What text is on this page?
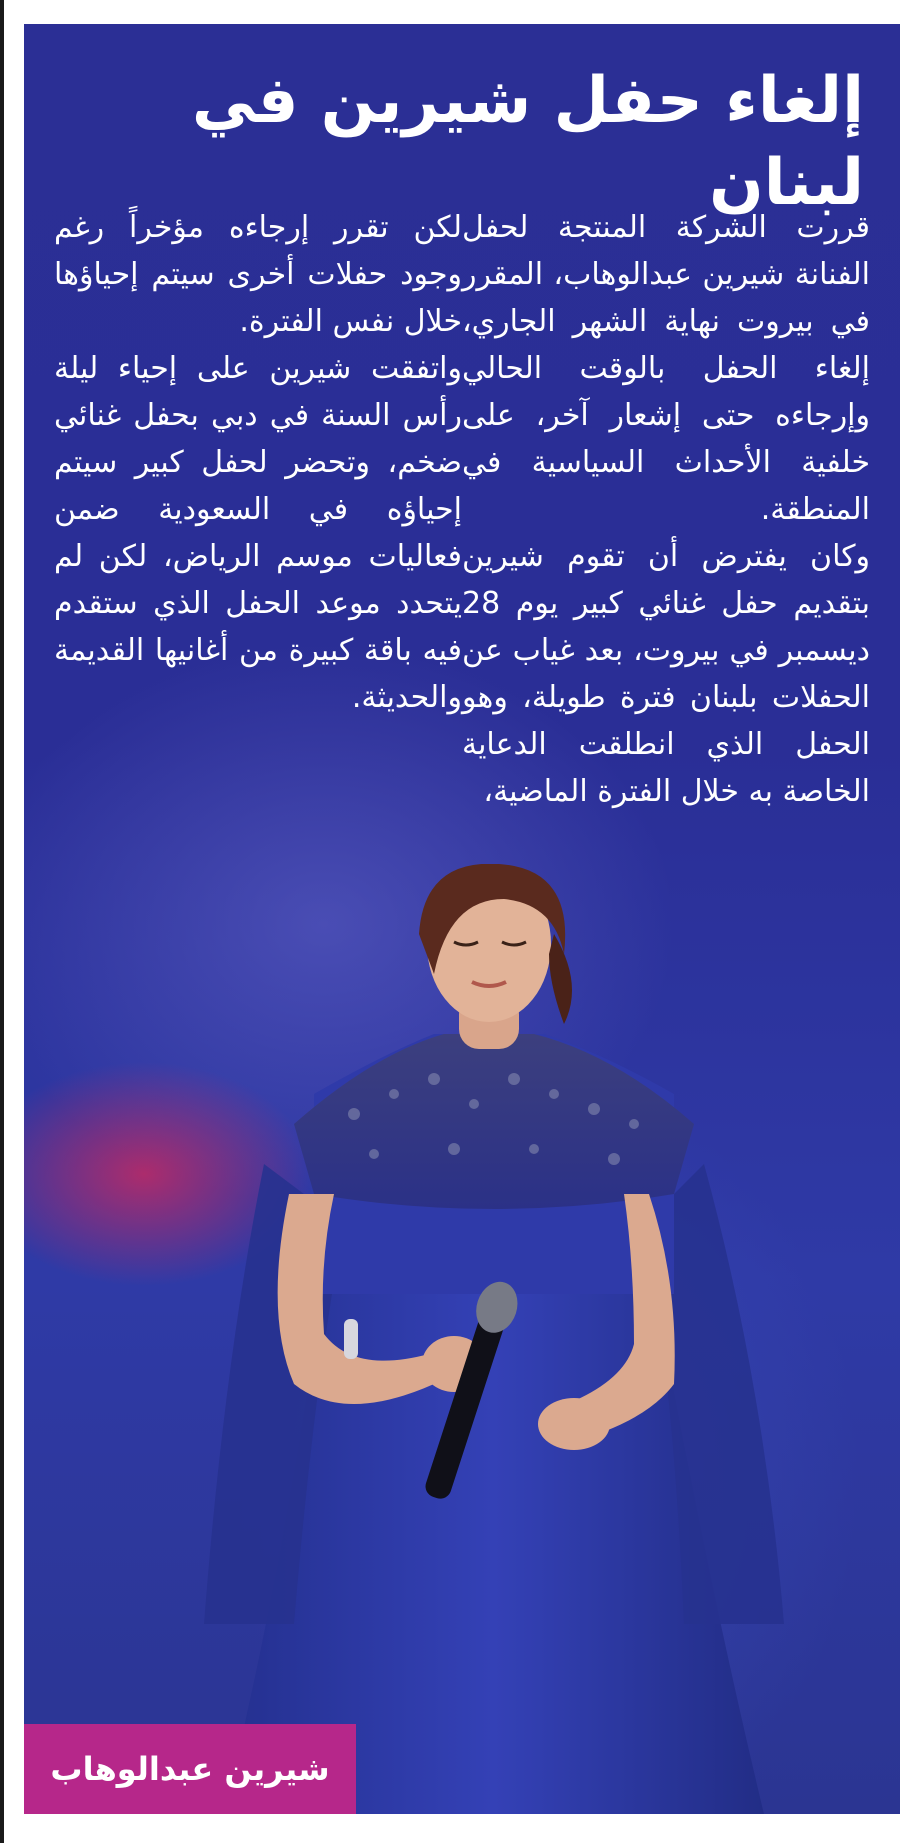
إلغاء حفل شيرين في لبنان

قررت الشركة المنتجة لحفل الفنانة شيرين عبدالوهاب، المقرر في بيروت نهاية الشهر الجاري، إلغاء الحفل بالوقت الحالي وإرجاءه حتى إشعار آخر، على خلفية الأحداث السياسية في المنطقة.

وكان يفترض أن تقوم شيرين بتقديم حفل غنائي كبير يوم 28 ديسمبر في بيروت، بعد غياب عن الحفلات بلبنان فترة طويلة، وهو الحفل الذي انطلقت الدعاية الخاصة به خلال الفترة الماضية،

لكن تقرر إرجاءه مؤخراً رغم وجود حفلات أخرى سيتم إحياؤها خلال نفس الفترة.

واتفقت شيرين على إحياء ليلة رأس السنة في دبي بحفل غنائي ضخم، وتحضر لحفل كبير سيتم إحياؤه في السعودية ضمن فعاليات موسم الرياض، لكن لم يتحدد موعد الحفل الذي ستقدم فيه باقة كبيرة من أغانيها القديمة والحديثة.

شيرين عبدالوهاب
